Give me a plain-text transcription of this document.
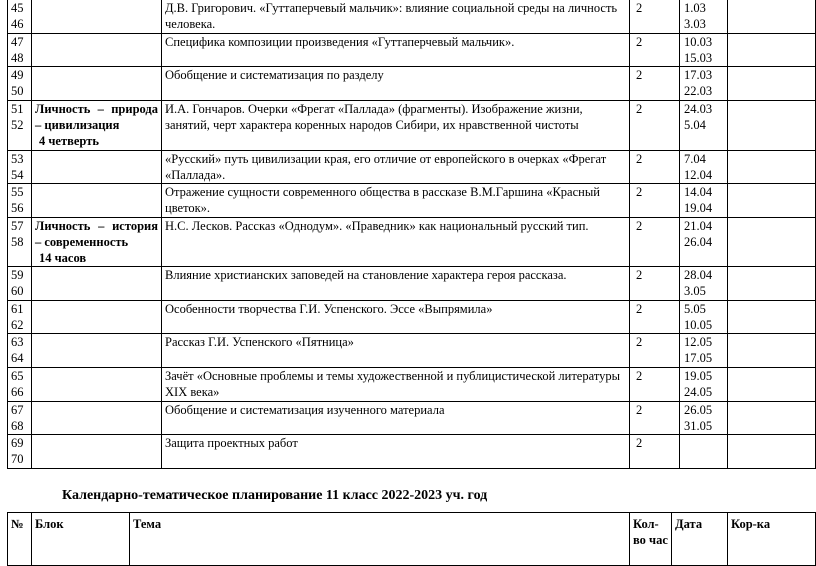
45
46		Д.В. Григорович. «Гуттаперчевый мальчик»: влияние социальной среды на личность человека.	2	1.03
3.03	

47
48		Специфика композиции произведения «Гуттаперчевый мальчик».	2	10.03
15.03	

49
50		Обобщение и систематизация по разделу	2	17.03
22.03	

51
52	Личность – природа
– цивилизация
4 четверть	И.А. Гончаров. Очерки «Фрегат «Паллада» (фрагменты). Изображение жизни, занятий, черт характера коренных народов Сибири, их нравственной чистоты	2	24.03
5.04	

53
54		«Русский» путь цивилизации края, его отличие от европейского в очерках «Фрегат «Паллада».	2	7.04
12.04	

55
56		Отражение сущности современного общества в рассказе В.М.Гаршина «Красный цветок».	2	14.04
19.04	

57
58	Личность – история
– современность
14 часов	Н.С. Лесков. Рассказ «Однодум». «Праведник» как национальный русский тип.	2	21.04
26.04	

59
60		Влияние христианских заповедей на становление характера героя рассказа.	2	28.04
3.05	

61
62		Особенности творчества Г.И. Успенского. Эссе «Выпрямила»	2	5.05
10.05	

63
64		Рассказ Г.И. Успенского «Пятница»	2	12.05
17.05	

65
66		Зачёт «Основные проблемы и темы художественной и публицистической литературы XIX века»	2	19.05
24.05	

67
68		Обобщение и систематизация изученного материала	2	26.05
31.05	

69
70		Защита проектных работ	2		
Календарно-тематическое планирование 11 класс 2022-2023 уч. год
№	Блок	Тема	Кол-во час	Дата	Кор-ка
